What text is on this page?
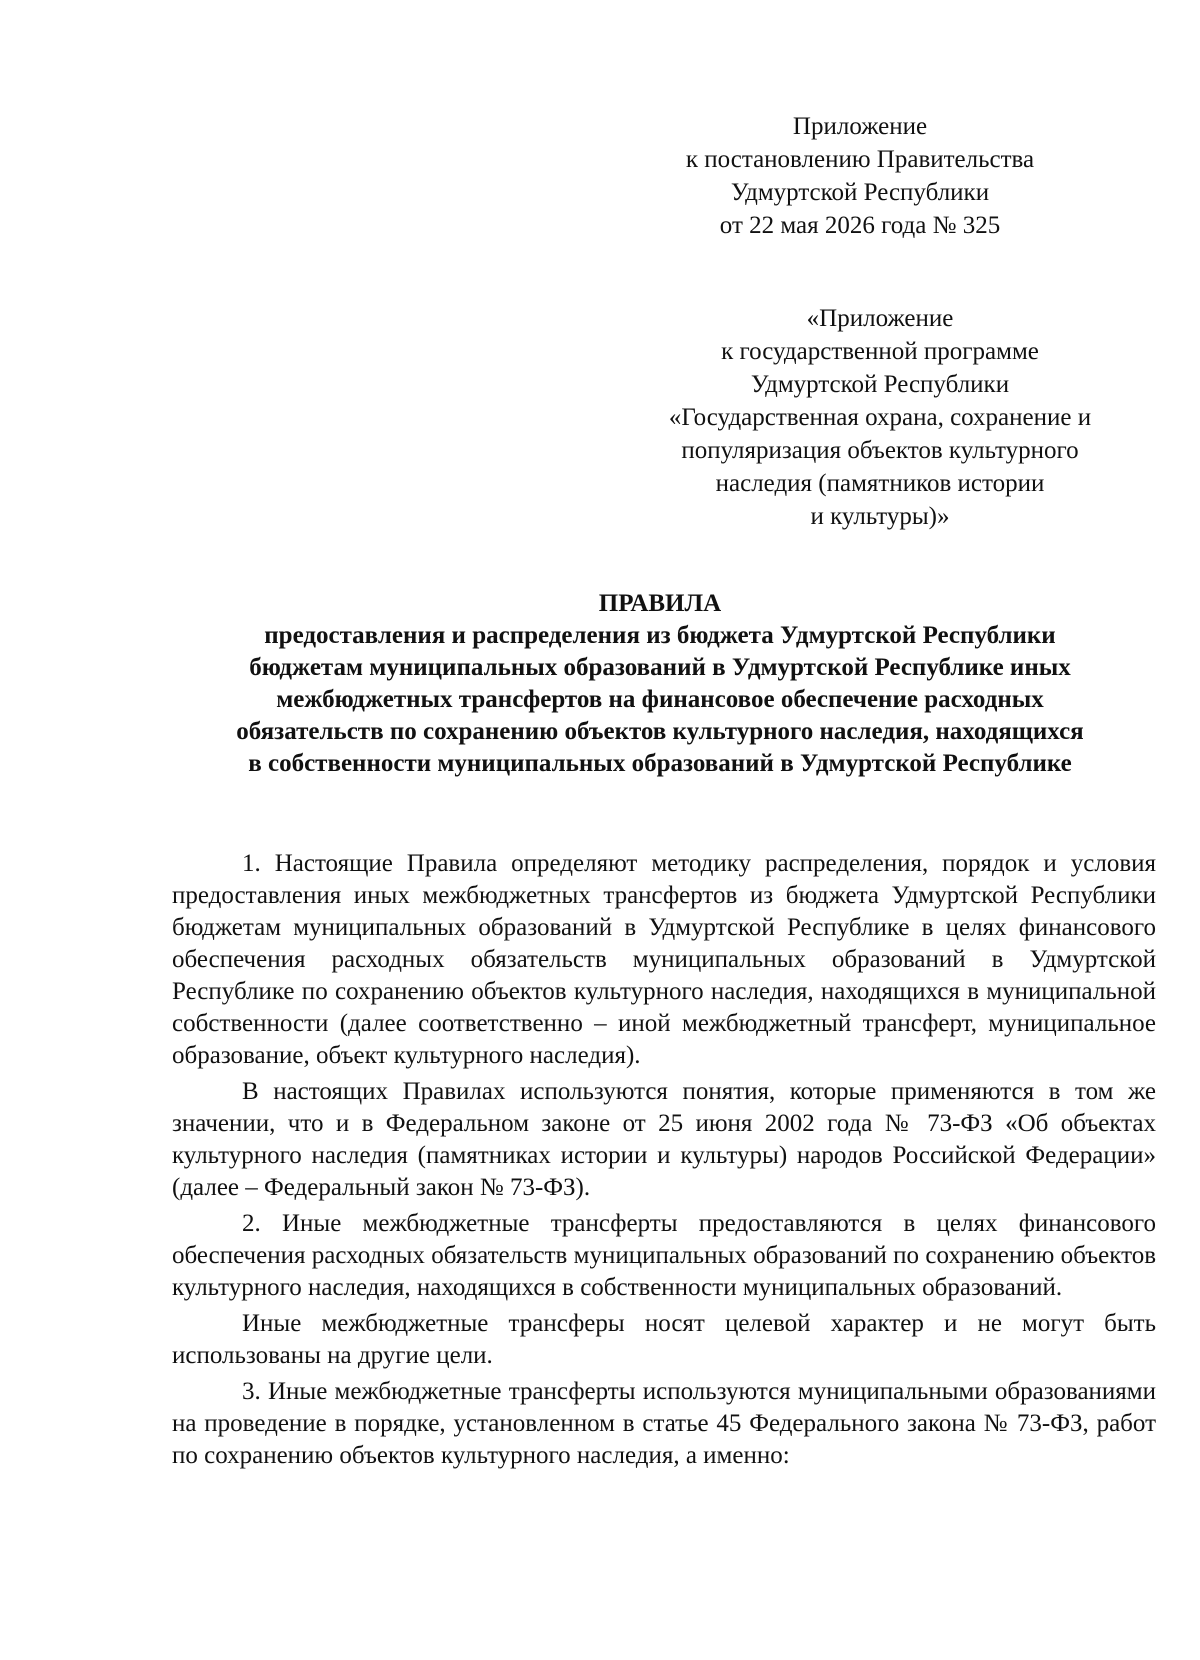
Приложение
к постановлению Правительства
Удмуртской Республики
от 22 мая 2026 года № 325
«Приложение
к государственной программе
Удмуртской Республики
«Государственная охрана, сохранение и
популяризация объектов культурного
наследия (памятников истории
и культуры)»
ПРАВИЛА
предоставления и распределения из бюджета Удмуртской Республики
бюджетам муниципальных образований в Удмуртской Республике иных
межбюджетных трансфертов на финансовое обеспечение расходных
обязательств по сохранению объектов культурного наследия, находящихся
в собственности муниципальных образований в Удмуртской Республике

1. Настоящие Правила определяют методику распределения, порядок и условия предоставления иных межбюджетных трансфертов из бюджета Удмуртской Республики бюджетам муниципальных образований в Удмуртской Республике в целях финансового обеспечения расходных обязательств муниципальных образований в Удмуртской Республике по сохранению объектов культурного наследия, находящихся в муниципальной собственности (далее соответственно – иной межбюджетный трансферт, муниципальное образование, объект культурного наследия).

В настоящих Правилах используются понятия, которые применяются в том же значении, что и в Федеральном законе от 25 июня 2002 года № 73-ФЗ «Об объектах культурного наследия (памятниках истории и культуры) народов Российской Федерации» (далее – Федеральный закон № 73-ФЗ).

2. Иные межбюджетные трансферты предоставляются в целях финансового обеспечения расходных обязательств муниципальных образований по сохранению объектов культурного наследия, находящихся в собственности муниципальных образований.

Иные межбюджетные трансферы носят целевой характер и не могут быть использованы на другие цели.

3. Иные межбюджетные трансферты используются муниципальными образованиями на проведение в порядке, установленном в статье 45 Федерального закона № 73-ФЗ, работ по сохранению объектов культурного наследия, а именно:
